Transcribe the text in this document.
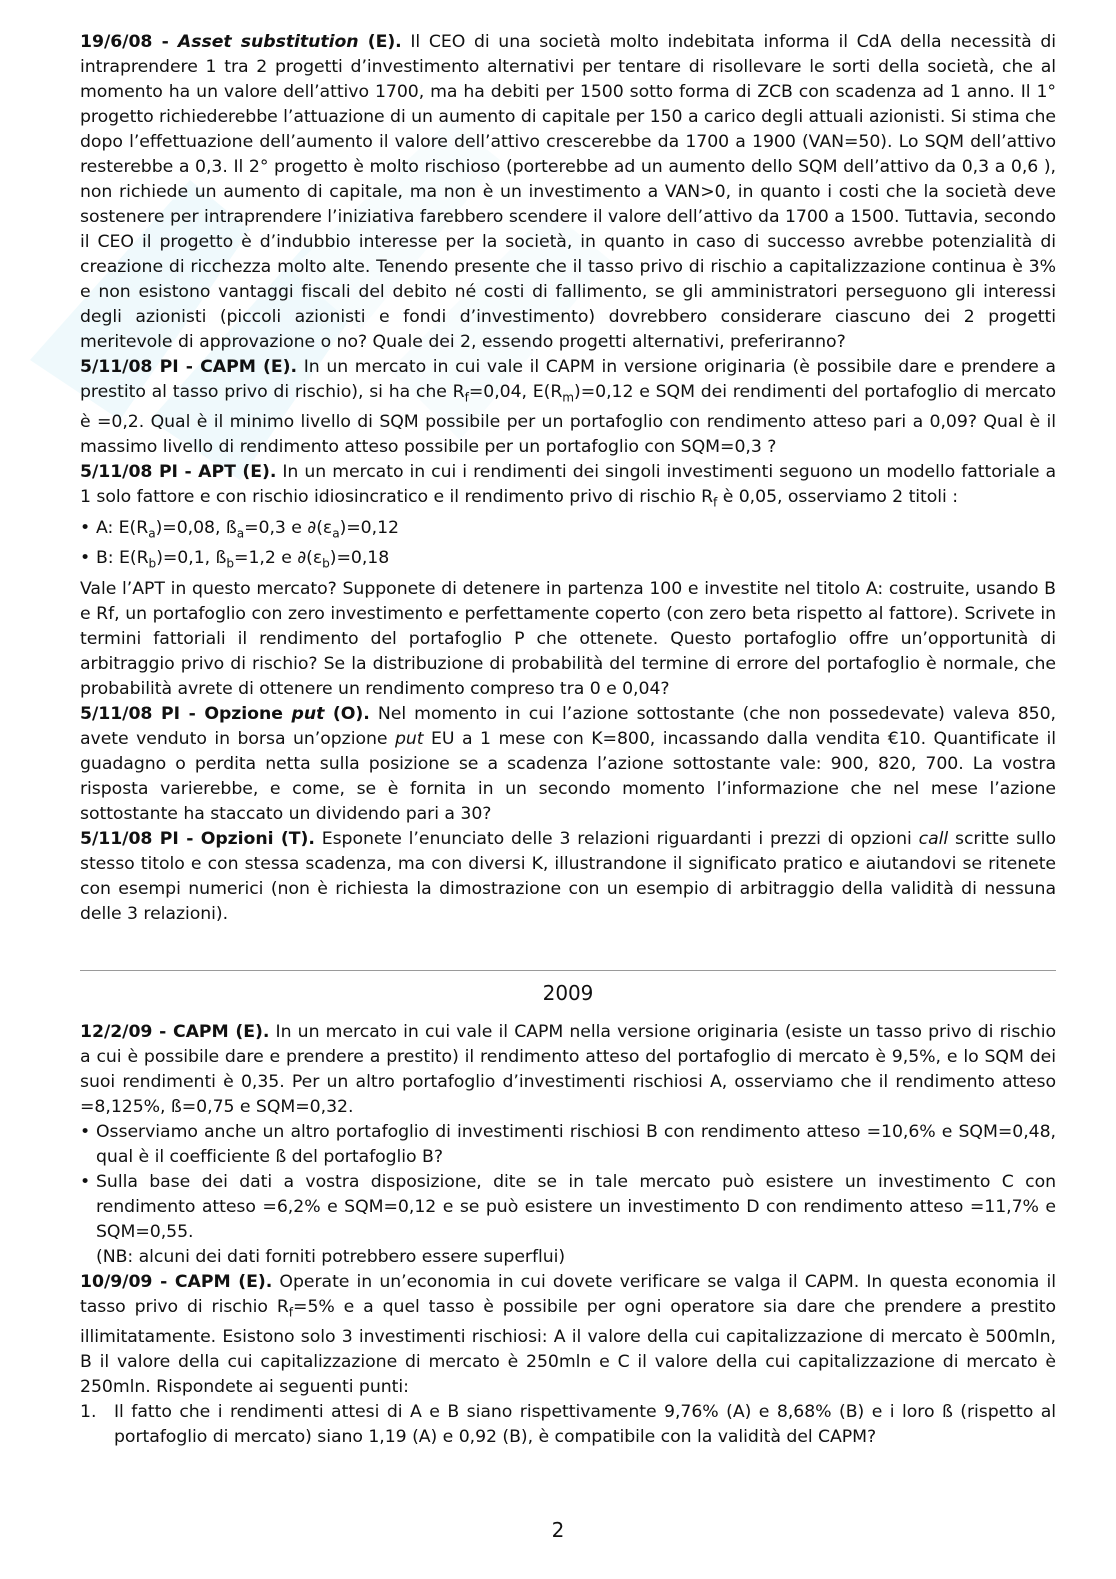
19/6/08 - Asset substitution (E). Il CEO di una società molto indebitata informa il CdA della necessità di intraprendere 1 tra 2 progetti d’investimento alternativi per tentare di risollevare le sorti della società, che al momento ha un valore dell’attivo 1700, ma ha debiti per 1500 sotto forma di ZCB con scadenza ad 1 anno. Il 1° progetto richiederebbe l’attuazione di un aumento di capitale per 150 a carico degli attuali azionisti. Si stima che dopo l’effettuazione dell’aumento il valore dell’attivo crescerebbe da 1700 a 1900 (VAN=50). Lo SQM dell’attivo resterebbe a 0,3. Il 2° progetto è molto rischioso (porterebbe ad un aumento dello SQM dell’attivo da 0,3 a 0,6 ), non richiede un aumento di capitale, ma non è un investimento a VAN>0, in quanto i costi che la società deve sostenere per intraprendere l’iniziativa farebbero scendere il valore dell’attivo da 1700 a 1500. Tuttavia, secondo il CEO il progetto è d’indubbio interesse per la società, in quanto in caso di successo avrebbe potenzialità di creazione di ricchezza molto alte. Tenendo presente che il tasso privo di rischio a capitalizzazione continua è 3% e non esistono vantaggi fiscali del debito né costi di fallimento, se gli amministratori perseguono gli interessi degli azionisti (piccoli azionisti e fondi d’investimento) dovrebbero considerare ciascuno dei 2 progetti meritevole di approvazione o no? Quale dei 2, essendo progetti alternativi, preferiranno?

5/11/08 PI - CAPM (E). In un mercato in cui vale il CAPM in versione originaria (è possibile dare e prendere a prestito al tasso privo di rischio), si ha che $R_f=0,04$, $E(R_m)=0,12$ e SQM dei rendimenti del portafoglio di mercato è =0,2. Qual è il minimo livello di SQM possibile per un portafoglio con rendimento atteso pari a 0,09? Qual è il massimo livello di rendimento atteso possibile per un portafoglio con SQM=0,3 ?

5/11/08 PI - APT (E). In un mercato in cui i rendimenti dei singoli investimenti seguono un modello fattoriale a 1 solo fattore e con rischio idiosincratico e il rendimento privo di rischio $R_f$ è 0,05, osserviamo 2 titoli :

• A: $E(R_a)=0,08$, $ß_a=0,3$ e $\partial(\varepsilon_a)=0,12$
• B: $E(R_b)=0,1$, $ß_b=1,2$ e $\partial(\varepsilon_b)=0,18$

Vale l’APT in questo mercato? Supponete di detenere in partenza 100 e investite nel titolo A: costruite, usando B e Rf, un portafoglio con zero investimento e perfettamente coperto (con zero beta rispetto al fattore). Scrivete in termini fattoriali il rendimento del portafoglio P che ottenete. Questo portafoglio offre un’opportunità di arbitraggio privo di rischio? Se la distribuzione di probabilità del termine di errore del portafoglio è normale, che probabilità avrete di ottenere un rendimento compreso tra 0 e 0,04?

5/11/08 PI - Opzione put (O). Nel momento in cui l’azione sottostante (che non possedevate) valeva 850, avete venduto in borsa un’opzione put EU a 1 mese con K=800, incassando dalla vendita €10. Quantificate il guadagno o perdita netta sulla posizione se a scadenza l’azione sottostante vale: 900, 820, 700. La vostra risposta varierebbe, e come, se è fornita in un secondo momento l’informazione che nel mese l’azione sottostante ha staccato un dividendo pari a 30?

5/11/08 PI - Opzioni (T). Esponete l’enunciato delle 3 relazioni riguardanti i prezzi di opzioni call scritte sullo stesso titolo e con stessa scadenza, ma con diversi K, illustrandone il significato pratico e aiutandovi se ritenete con esempi numerici (non è richiesta la dimostrazione con un esempio di arbitraggio della validità di nessuna delle 3 relazioni).

2009

12/2/09 - CAPM (E). In un mercato in cui vale il CAPM nella versione originaria (esiste un tasso privo di rischio a cui è possibile dare e prendere a prestito) il rendimento atteso del portafoglio di mercato è 9,5%, e lo SQM dei suoi rendimenti è 0,35. Per un altro portafoglio d’investimenti rischiosi A, osserviamo che il rendimento atteso =8,125%, ß=0,75 e SQM=0,32.

• Osserviamo anche un altro portafoglio di investimenti rischiosi B con rendimento atteso =10,6% e SQM=0,48, qual è il coefficiente ß del portafoglio B?
• Sulla base dei dati a vostra disposizione, dite se in tale mercato può esistere un investimento C con rendimento atteso =6,2% e SQM=0,12 e se può esistere un investimento D con rendimento atteso =11,7% e SQM=0,55.

(NB: alcuni dei dati forniti potrebbero essere superflui)

10/9/09 - CAPM (E). Operate in un’economia in cui dovete verificare se valga il CAPM. In questa economia il tasso privo di rischio $R_f=5\%$ e a quel tasso è possibile per ogni operatore sia dare che prendere a prestito illimitatamente. Esistono solo 3 investimenti rischiosi: A il valore della cui capitalizzazione di mercato è 500mln, B il valore della cui capitalizzazione di mercato è 250mln e C il valore della cui capitalizzazione di mercato è 250mln. Rispondete ai seguenti punti:

1.	Il fatto che i rendimenti attesi di A e B siano rispettivamente 9,76% (A) e 8,68% (B) e i loro ß (rispetto al portafoglio di mercato) siano 1,19 (A) e 0,92 (B), è compatibile con la validità del CAPM?
2
